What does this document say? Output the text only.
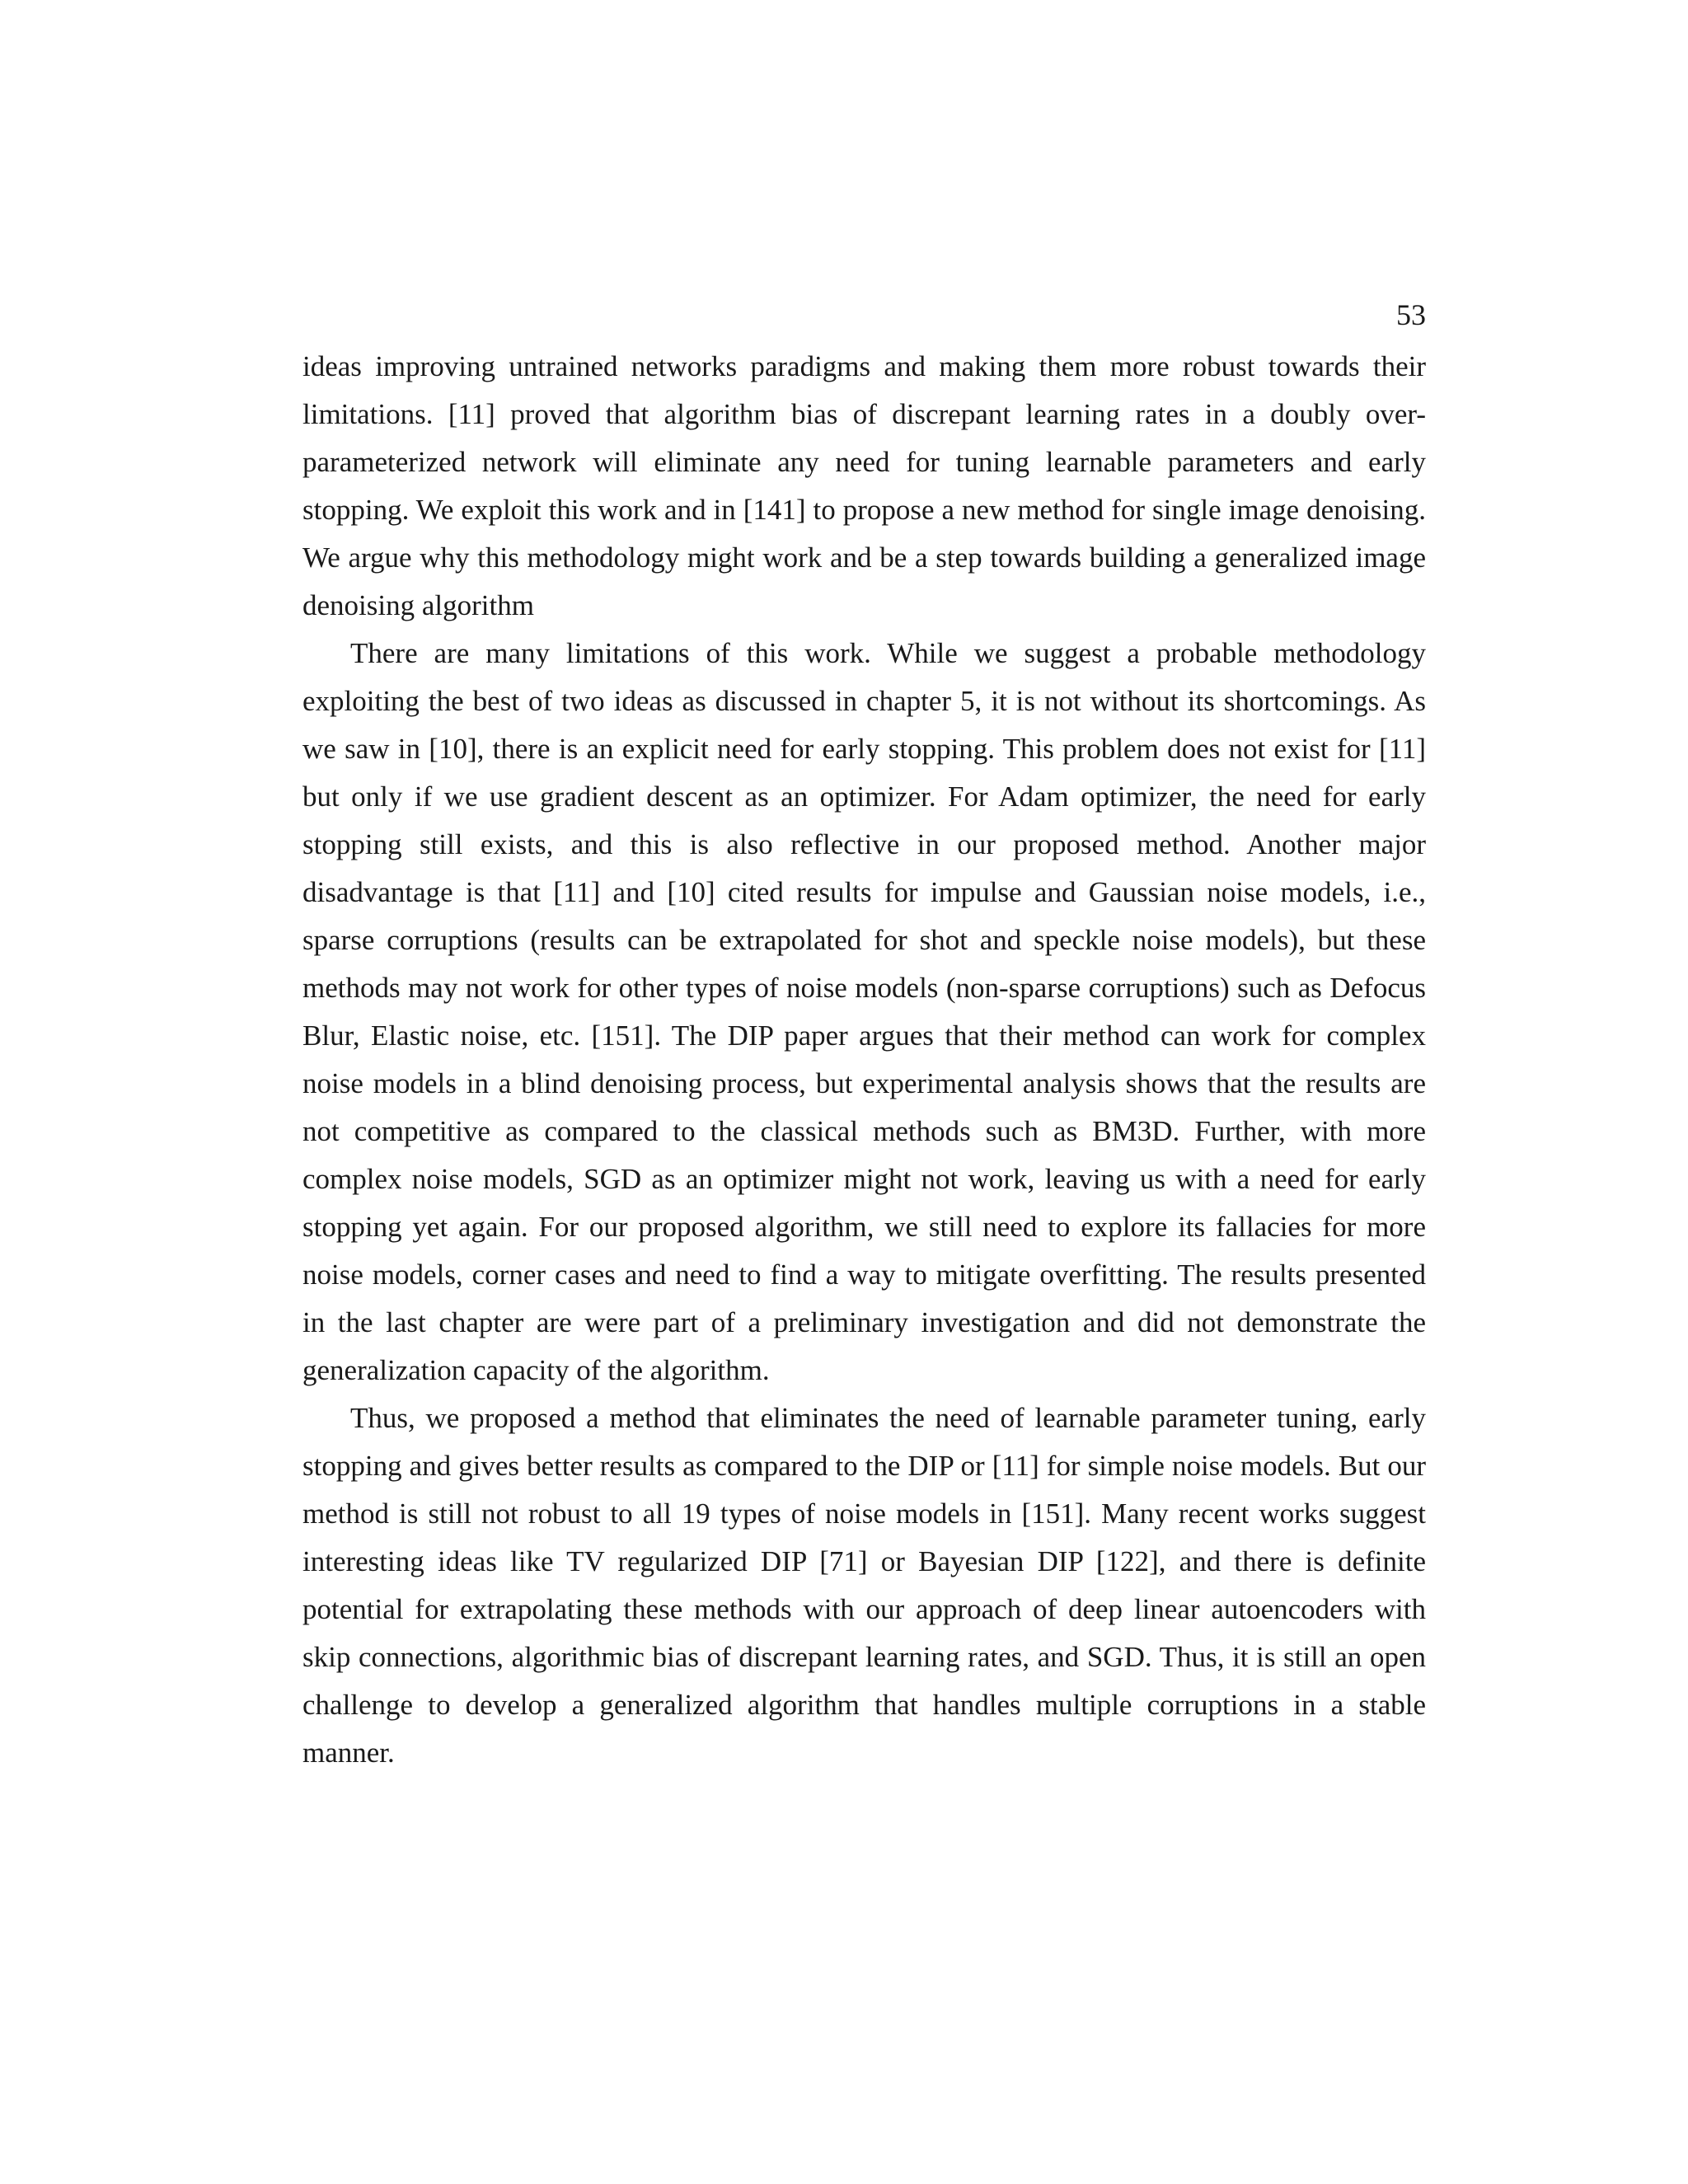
53

ideas improving untrained networks paradigms and making them more robust towards their limitations. [11] proved that algorithm bias of discrepant learning rates in a doubly over-parameterized network will eliminate any need for tuning learnable parameters and early stopping. We exploit this work and in [141] to propose a new method for single image denoising. We argue why this methodology might work and be a step towards building a generalized image denoising algorithm

There are many limitations of this work. While we suggest a probable methodology exploiting the best of two ideas as discussed in chapter 5, it is not without its shortcomings. As we saw in [10], there is an explicit need for early stopping. This problem does not exist for [11] but only if we use gradient descent as an optimizer. For Adam optimizer, the need for early stopping still exists, and this is also reflective in our proposed method. Another major disadvantage is that [11] and [10] cited results for impulse and Gaussian noise models, i.e., sparse corruptions (results can be extrapolated for shot and speckle noise models), but these methods may not work for other types of noise models (non-sparse corruptions) such as Defocus Blur, Elastic noise, etc. [151]. The DIP paper argues that their method can work for complex noise models in a blind denoising process, but experimental analysis shows that the results are not competitive as compared to the classical methods such as BM3D. Further, with more complex noise models, SGD as an optimizer might not work, leaving us with a need for early stopping yet again. For our proposed algorithm, we still need to explore its fallacies for more noise models, corner cases and need to find a way to mitigate overfitting. The results presented in the last chapter are were part of a preliminary investigation and did not demonstrate the generalization capacity of the algorithm.

Thus, we proposed a method that eliminates the need of learnable parameter tuning, early stopping and gives better results as compared to the DIP or [11] for simple noise models. But our method is still not robust to all 19 types of noise models in [151]. Many recent works suggest interesting ideas like TV regularized DIP [71] or Bayesian DIP [122], and there is definite potential for extrapolating these methods with our approach of deep linear autoencoders with skip connections, algorithmic bias of discrepant learning rates, and SGD. Thus, it is still an open challenge to develop a generalized algorithm that handles multiple corruptions in a stable manner.
